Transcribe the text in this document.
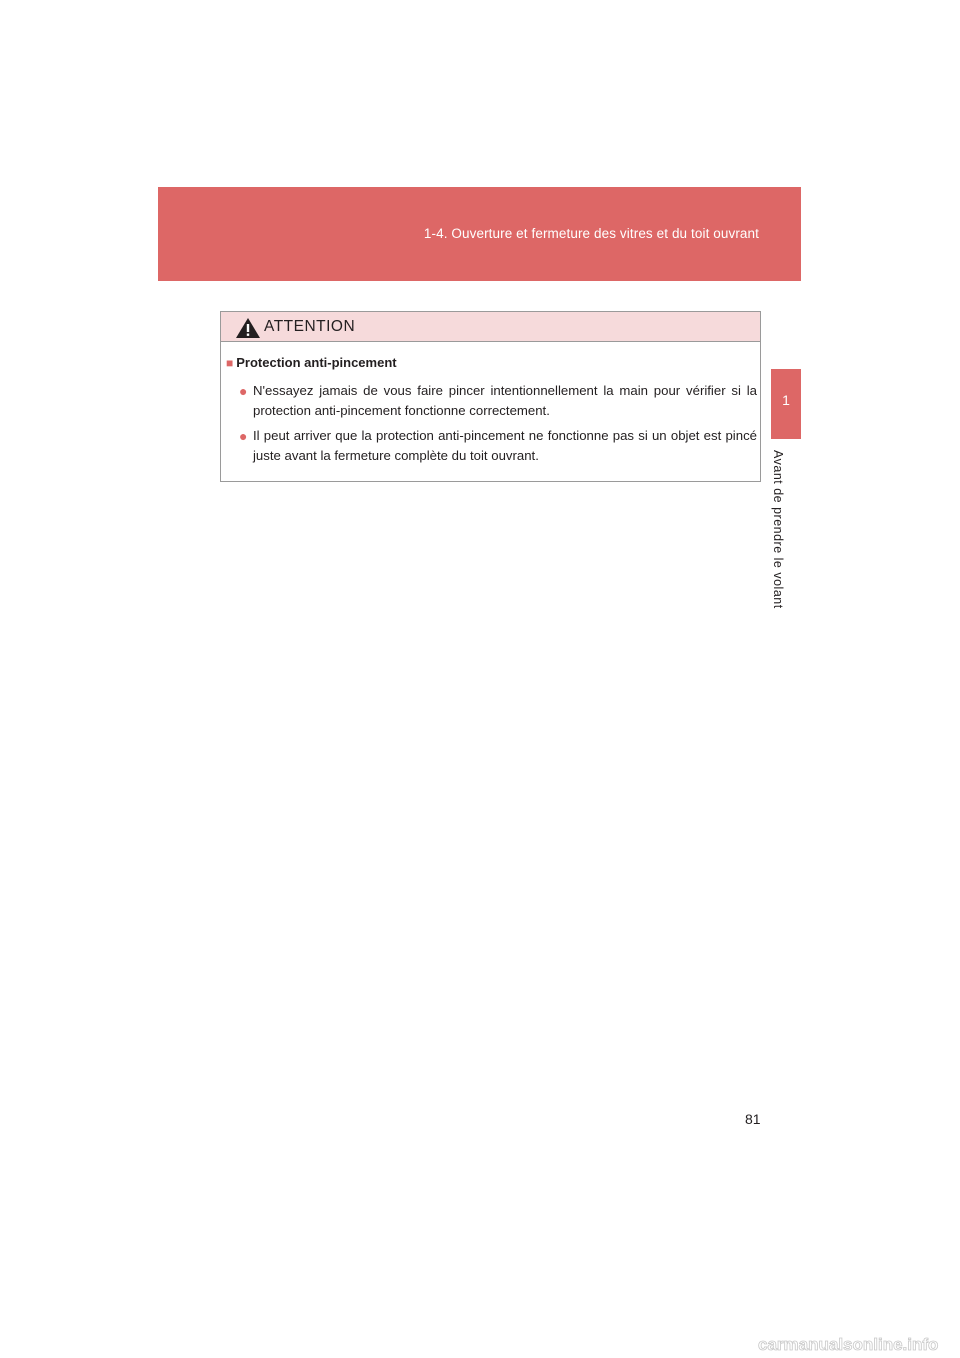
1-4. Ouverture et fermeture des vitres et du toit ouvrant
1
Avant de prendre le volant
ATTENTION
■ Protection anti-pincement
● N'essayez jamais de vous faire pincer intentionnellement la main pour vérifier si la protection anti-pincement fonctionne correctement.
● Il peut arriver que la protection anti-pincement ne fonctionne pas si un objet est pincé juste avant la fermeture complète du toit ouvrant.
81
carmanualsonline.info
